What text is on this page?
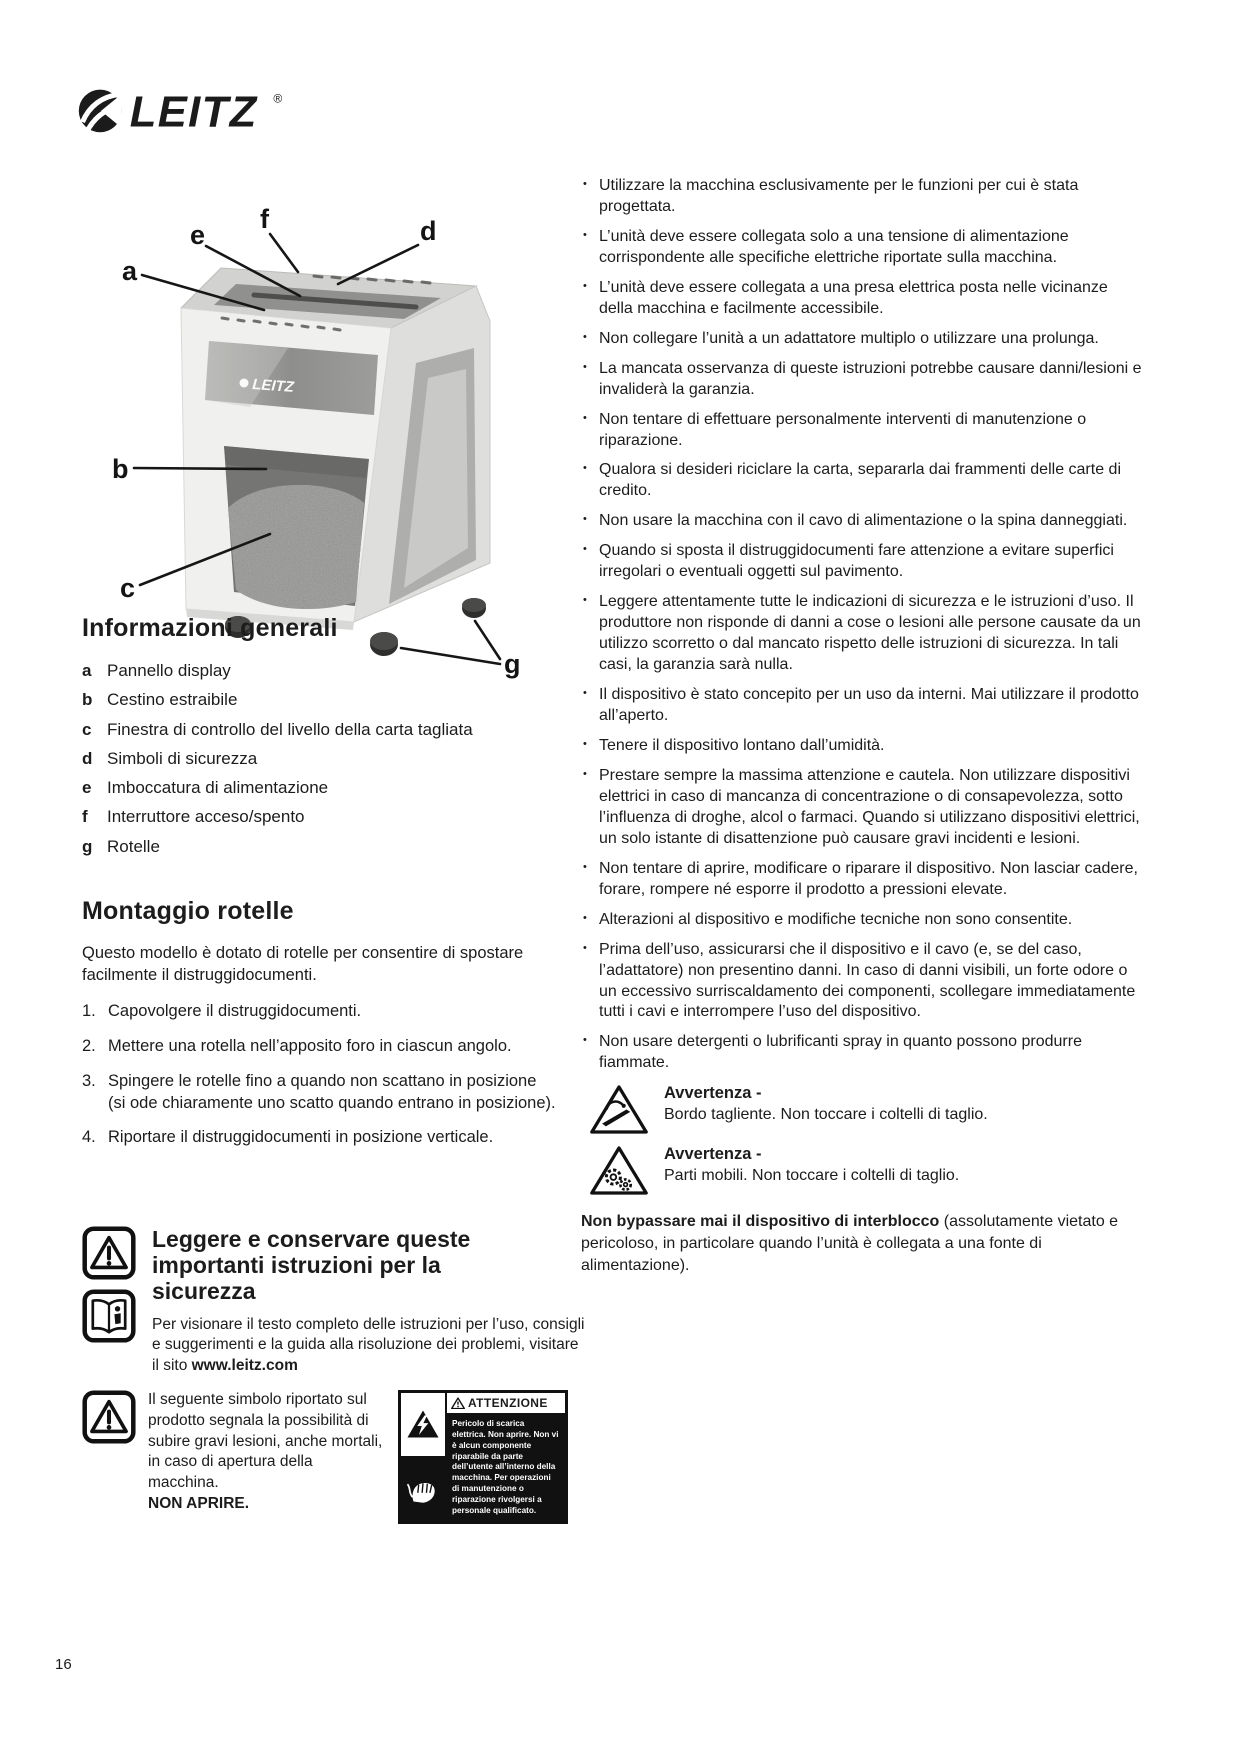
LEITZ ®
LEITZ
a
b
c
d
e
f
g
Informazioni generali
a Pannello display
b Cestino estraibile
c Finestra di controllo del livello della carta tagliata
d Simboli di sicurezza
e Imboccatura di alimentazione
f	Interruttore acceso/spento
g Rotelle
Montaggio rotelle

Questo modello è dotato di rotelle per consentire di spostare facilmente il distruggidocumenti.

1. Capovolgere il distruggidocumenti.
2. Mettere una rotella nell’apposito foro in ciascun angolo.
3. Spingere le rotelle fino a quando non scattano in posizione (si ode chiaramente uno scatto quando entrano in posizione).
4. Riportare il distruggidocumenti in posizione verticale.
Leggere e conservare queste importanti istruzioni per la sicurezza

Per visionare il testo completo delle istruzioni per l’uso, consigli e suggerimenti e la guida alla risoluzione dei problemi, visitare il sito www.leitz.com

Il seguente simbolo riportato sul prodotto segnala la possibilità di subire gravi lesioni, anche mortali, in caso di apertura della macchina.
NON APRIRE.

ATTENZIONE
Pericolo di scarica elettrica. Non aprire. Non vi è alcun componente riparabile da parte dell’utente all’interno della macchina. Per operazioni di manutenzione o riparazione rivolgersi a personale qualificato.
• Utilizzare la macchina esclusivamente per le funzioni per cui è stata progettata.
• L’unità deve essere collegata solo a una tensione di alimentazione corrispondente alle specifiche elettriche riportate sulla macchina.
• L’unità deve essere collegata a una presa elettrica posta nelle vicinanze della macchina e facilmente accessibile.
• Non collegare l’unità a un adattatore multiplo o utilizzare una prolunga.
• La mancata osservanza di queste istruzioni potrebbe causare danni/lesioni e invaliderà la garanzia.
• Non tentare di effettuare personalmente interventi di manutenzione o riparazione.
• Qualora si desideri riciclare la carta, separarla dai frammenti delle carte di credito.
• Non usare la macchina con il cavo di alimentazione o la spina danneggiati.
• Quando si sposta il distruggidocumenti fare attenzione a evitare superfici irregolari o eventuali oggetti sul pavimento.
• Leggere attentamente tutte le indicazioni di sicurezza e le istruzioni d’uso. Il produttore non risponde di danni a cose o lesioni alle persone causate da un utilizzo scorretto o dal mancato rispetto delle istruzioni di sicurezza. In tali casi, la garanzia sarà nulla.
• Il dispositivo è stato concepito per un uso da interni. Mai utilizzare il prodotto all’aperto.
• Tenere il dispositivo lontano dall’umidità.
• Prestare sempre la massima attenzione e cautela. Non utilizzare dispositivi elettrici in caso di mancanza di concentrazione o di consapevolezza, sotto l’influenza di droghe, alcol o farmaci. Quando si utilizzano dispositivi elettrici, un solo istante di disattenzione può causare gravi incidenti e lesioni.
• Non tentare di aprire, modificare o riparare il dispositivo. Non lasciar cadere, forare, rompere né esporre il prodotto a pressioni elevate.
• Alterazioni al dispositivo e modifiche tecniche non sono consentite.
• Prima dell’uso, assicurarsi che il dispositivo e il cavo (e, se del caso, l’adattatore) non presentino danni. In caso di danni visibili, un forte odore o un eccessivo surriscaldamento dei componenti, scollegare immediatamente tutti i cavi e interrompere l’uso del dispositivo.
• Non usare detergenti o lubrificanti spray in quanto possono produrre fiammate.
Avvertenza -
Bordo tagliente. Non toccare i coltelli di taglio.
Avvertenza -
Parti mobili. Non toccare i coltelli di taglio.

Non bypassare mai il dispositivo di interblocco (assolutamente vietato e pericoloso, in particolare quando l’unità è collegata a una fonte di alimentazione).

16
